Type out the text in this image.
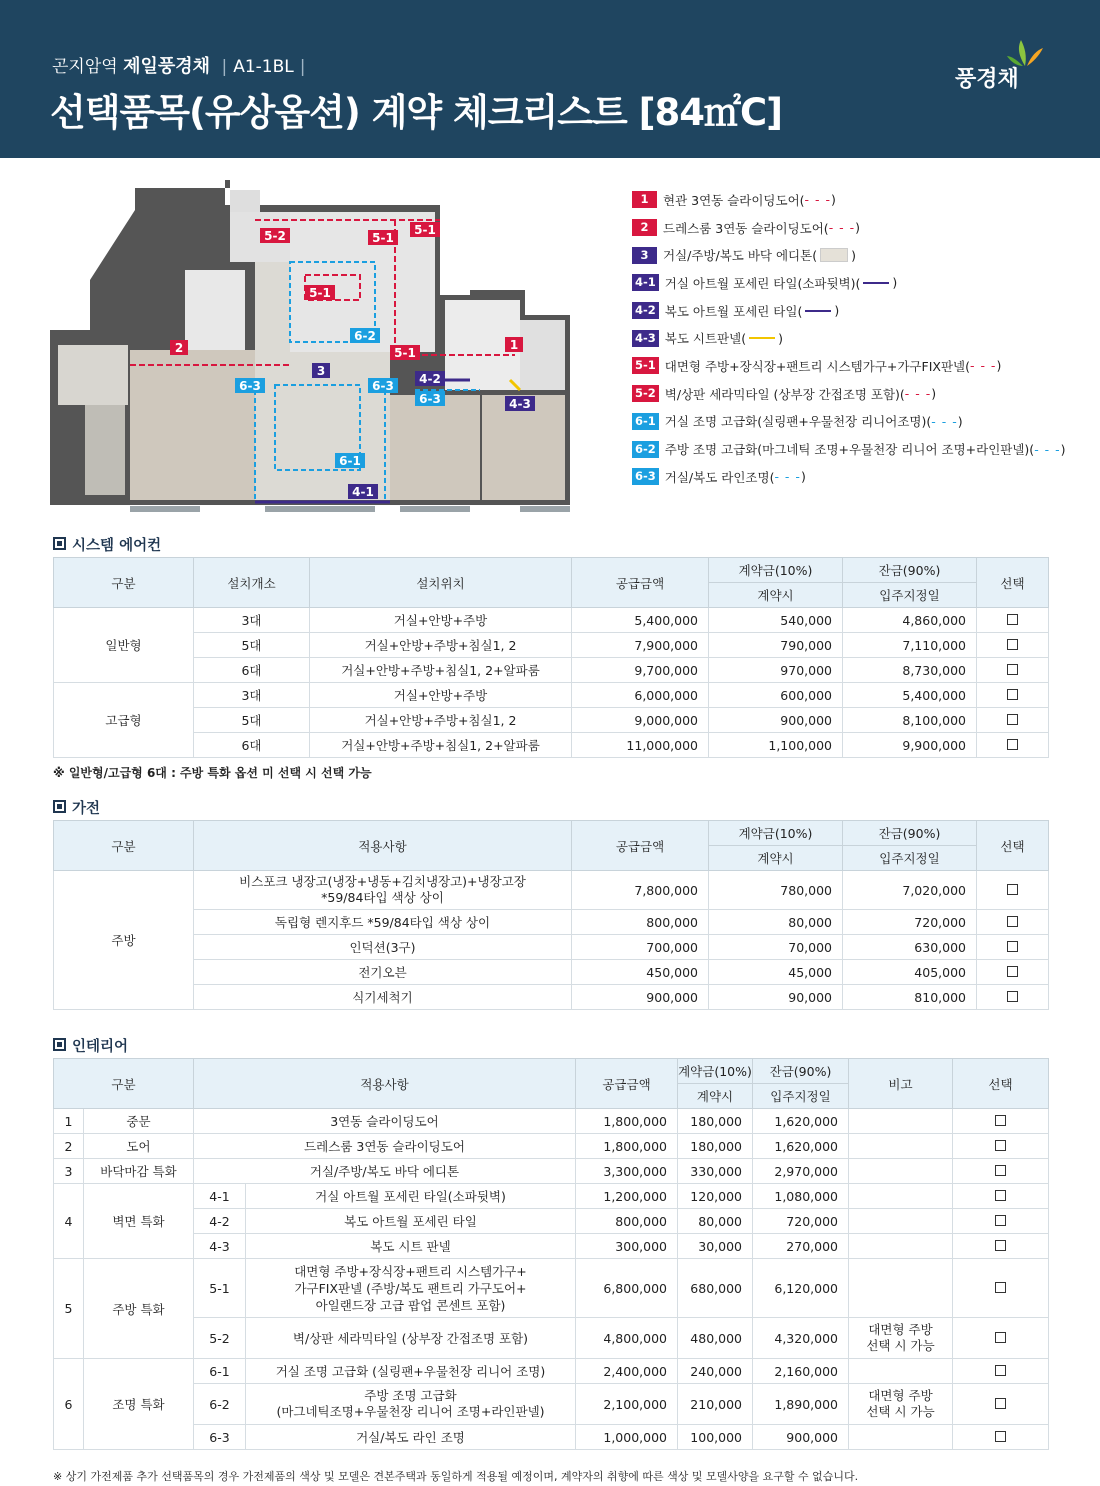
곤지암역 제일풍경채 | A1-1BL |
선택품목(유상옵션) 계약 체크리스트 [84㎡C]
풍경채
5-2	5-1
5-1
5-1
6-2
2	1
5-1
3
4-2
6-3
6-3	6-3
4-3
6-1
4-1
1	현관 3연동 슬라이딩도어( - - - )
2	드레스룸 3연동 슬라이딩도어( - - - )
3	거실/주방/복도 바닥 에디톤(	)
4-1 거실 아트월 포세린 타일(소파뒷벽)(	)
4-2 복도 아트월 포세린 타일(	)
4-3 복도 시트판넬(	)
5-1 대면형 주방+장식장+팬트리 시스템가구+가구FIX판넬( - - - )
5-2 벽/상판 세라믹타일 (상부장 간접조명 포함)( - - - )
6-1 거실 조명 고급화(실링팬+우물천장 리니어조명)( - - - )
6-2 주방 조명 고급화(마그네틱 조명+우물천장 리니어 조명+라인판넬)( - - - )
6-3 거실/복도 라인조명( - - - )
시스템 에어컨
구분	설치개소	설치위치	공급금액	계약금(10%)	잔금(90%)	선택
				계약시	입주지정일	
일반형	3대	거실+안방+주방	5,400,000	540,000	4,860,000	
	5대	거실+안방+주방+침실1, 2	7,900,000	790,000	7,110,000	
	6대	거실+안방+주방+침실1, 2+알파룸	9,700,000	970,000	8,730,000	
고급형	3대	거실+안방+주방	6,000,000	600,000	5,400,000	
	5대	거실+안방+주방+침실1, 2	9,000,000	900,000	8,100,000	
	6대	거실+안방+주방+침실1, 2+알파룸	11,000,000	1,100,000	9,900,000	
※ 일반형/고급형 6대 : 주방 특화 옵션 미 선택 시 선택 가능
가전
구분	적용사항	공급금액	계약금(10%)	잔금(90%)	선택
			계약시	입주지정일	
주방	비스포크 냉장고(냉장+냉동+김치냉장고)+냉장고장
*59/84타입 색상 상이	7,800,000	780,000	7,020,000	
	독립형 렌지후드 *59/84타입 색상 상이	800,000	80,000	720,000	
	인덕션(3구)	700,000	70,000	630,000	
	전기오븐	450,000	45,000	405,000	
	식기세척기	900,000	90,000	810,000	
인테리어
구분		적용사항		공급금액	계약금(10%)	잔금(90%)	비고	선택
					계약시	입주지정일		
1	중문	3연동 슬라이딩도어		1,800,000	180,000	1,620,000		
2	도어	드레스룸 3연동 슬라이딩도어		1,800,000	180,000	1,620,000		
3	바닥마감 특화	거실/주방/복도 바닥 에디톤		3,300,000	330,000	2,970,000		
4	벽면 특화	4-1	거실 아트월 포세린 타일(소파뒷벽)	1,200,000	120,000	1,080,000		
		4-2	복도 아트월 포세린 타일	800,000	80,000	720,000		
		4-3	복도 시트 판넬	300,000	30,000	270,000		
5	주방 특화	5-1	대면형 주방+장식장+팬트리 시스템가구+
가구FIX판넬 (주방/복도 팬트리 가구도어+
아일랜드장 고급 팝업 콘센트 포함)	6,800,000	680,000	6,120,000		
		5-2	벽/상판 세라믹타일 (상부장 간접조명 포함)	4,800,000	480,000	4,320,000	대면형 주방
선택 시 가능	
6	조명 특화	6-1	거실 조명 고급화 (실링팬+우물천장 리니어 조명)	2,400,000	240,000	2,160,000		
		6-2	주방 조명 고급화
(마그네틱조명+우물천장 리니어 조명+라인판넬)	2,100,000	210,000	1,890,000	대면형 주방
선택 시 가능	
		6-3	거실/복도 라인 조명	1,000,000	100,000	900,000		
※ 상기 가전제품 추가 선택품목의 경우 가전제품의 색상 및 모델은 견본주택과 동일하게 적용될 예정이며, 계약자의 취향에 따른 색상 및 모델사양을 요구할 수 없습니다.
